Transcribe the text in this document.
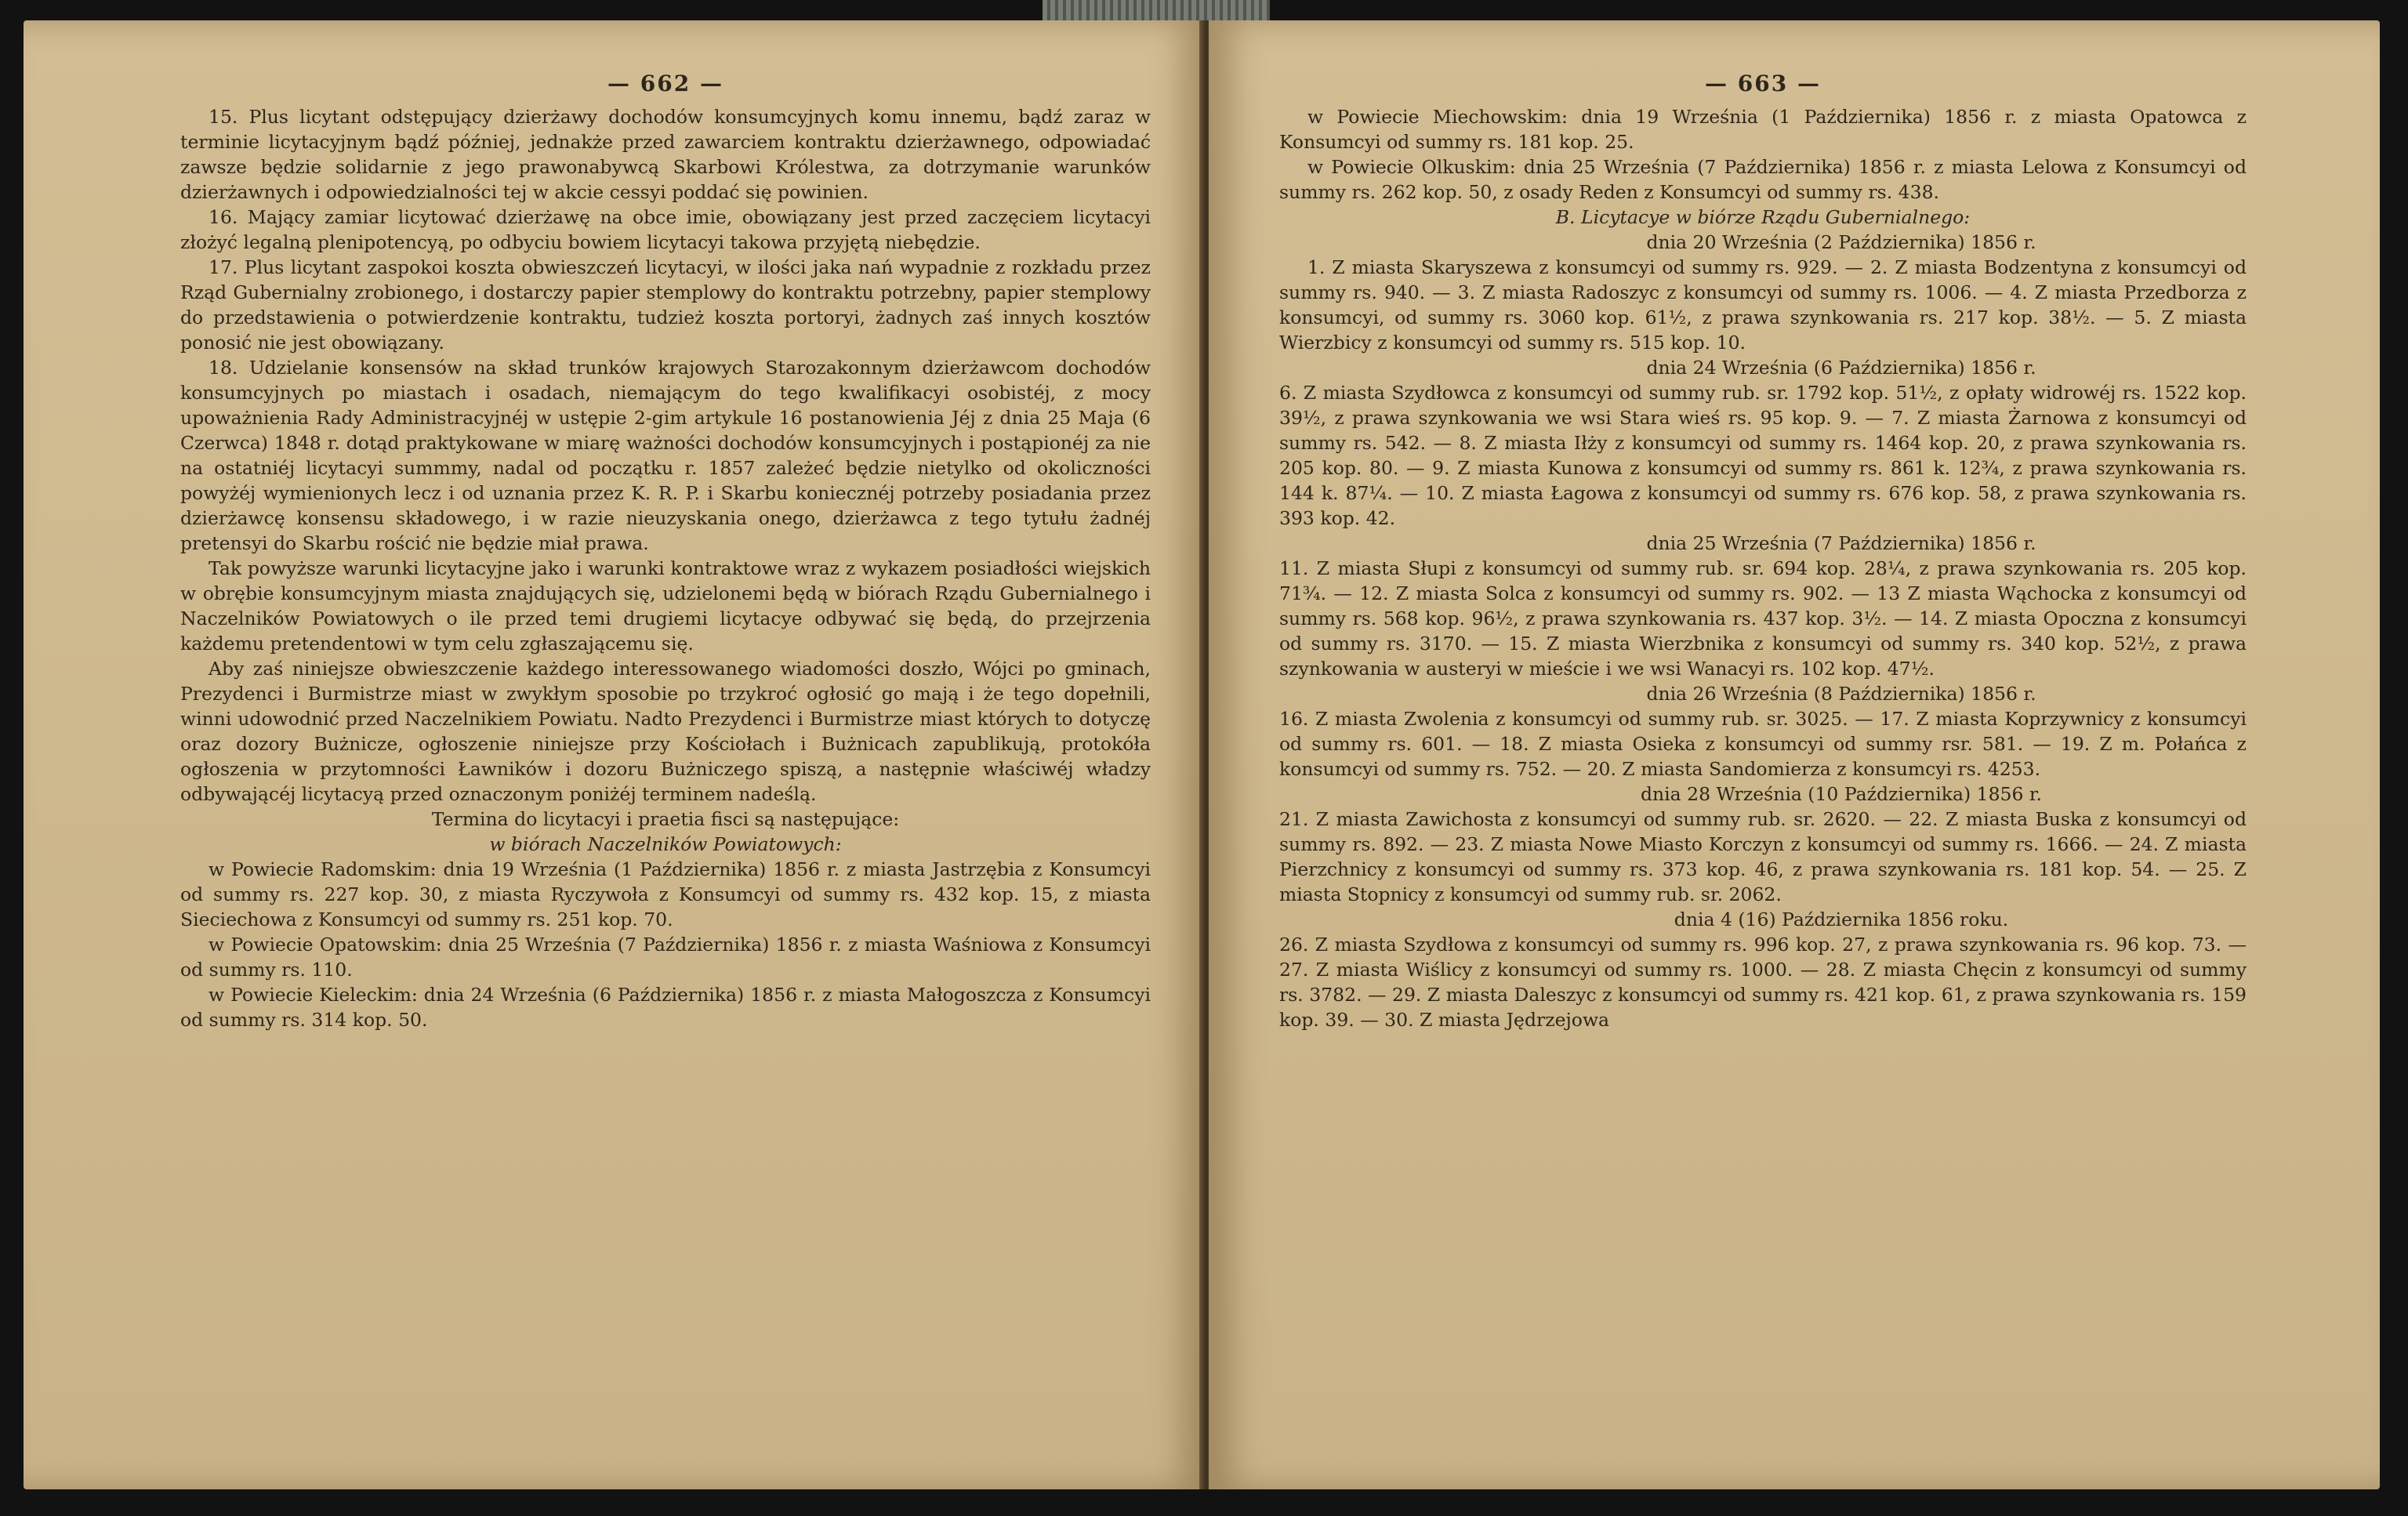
— 662 —

15. Plus licytant odstępujący dzierżawy dochodów konsumcyjnych komu innemu, bądź zaraz w terminie licytacyjnym bądź później, jednakże przed zawarciem kontraktu dzierżawnego, odpowiadać zawsze będzie solidarnie z jego prawonabywcą Skarbowi Królestwa, za dotrzymanie warunków dzierżawnych i odpowiedzialności tej w akcie cessyi poddać się powinien.

16. Mający zamiar licytować dzierżawę na obce imie, obowiązany jest przed zaczęciem licytacyi złożyć legalną plenipotencyą, po odbyciu bowiem licytacyi takowa przyjętą niebędzie.

17. Plus licytant zaspokoi koszta obwieszczeń licytacyi, w ilości jaka nań wypadnie z rozkładu przez Rząd Gubernialny zrobionego, i dostarczy papier stemplowy do kontraktu potrzebny, papier stemplowy do przedstawienia o potwierdzenie kontraktu, tudzież koszta portoryi, żadnych zaś innych kosztów ponosić nie jest obowiązany.

18. Udzielanie konsensów na skład trunków krajowych Starozakonnym dzierżawcom dochodów konsumcyjnych po miastach i osadach, niemającym do tego kwalifikacyi osobistéj, z mocy upoważnienia Rady Administracyjnéj w ustępie 2-gim artykule 16 postanowienia Jéj z dnia 25 Maja (6 Czerwca) 1848 r. dotąd praktykowane w miarę ważności dochodów konsumcyjnych i postąpionéj za nie na ostatniéj licytacyi summmy, nadal od początku r. 1857 zależeć będzie nietylko od okoliczności powyżéj wymienionych lecz i od uznania przez K. R. P. i Skarbu koniecznéj potrzeby posiadania przez dzierżawcę konsensu składowego, i w razie nieuzyskania onego, dzierżawca z tego tytułu żadnéj pretensyi do Skarbu rościć nie będzie miał prawa.

Tak powyższe warunki licytacyjne jako i warunki kontraktowe wraz z wykazem posiadłości wiejskich w obrębie konsumcyjnym miasta znajdujących się, udzielonemi będą w biórach Rządu Gubernialnego i Naczelników Powiatowych o ile przed temi drugiemi licytacye odbywać się będą, do przejrzenia każdemu pretendentowi w tym celu zgłaszającemu się.

Aby zaś niniejsze obwieszczenie każdego interessowanego wiadomości doszło, Wójci po gminach, Prezydenci i Burmistrze miast w zwykłym sposobie po trzykroć ogłosić go mają i że tego dopełnili, winni udowodnić przed Naczelnikiem Powiatu. Nadto Prezydenci i Burmistrze miast których to dotyczę oraz dozory Bużnicze, ogłoszenie niniejsze przy Kościołach i Bużnicach zapublikują, protokóła ogłoszenia w przytomności Ławników i dozoru Bużniczego spiszą, a następnie właściwéj władzy odbywającéj licytacyą przed oznaczonym poniżéj terminem nadeślą.

Termina do licytacyi i prаetia fisci są następujące:

w biórach Naczelników Powiatowych:

w Powiecie Radomskim: dnia 19 Września (1 Października) 1856 r. z miasta Jastrzębia z Konsumcyi od summy rs. 227 kop. 30, z miasta Ryczywoła z Konsumcyi od summy rs. 432 kop. 15, z miasta Sieciechowa z Konsumcyi od summy rs. 251 kop. 70.

w Powiecie Opatowskim: dnia 25 Września (7 Października) 1856 r. z miasta Waśniowa z Konsumcyi od summy rs. 110.

w Powiecie Kieleckim: dnia 24 Września (6 Października) 1856 r. z miasta Małogoszcza z Konsumcyi od summy rs. 314 kop. 50.

— 663 —

w Powiecie Miechowskim: dnia 19 Września (1 Października) 1856 r. z miasta Opatowca z Konsumcyi od summy rs. 181 kop. 25.

w Powiecie Olkuskim: dnia 25 Września (7 Października) 1856 r. z miasta Lelowa z Konsumcyi od summy rs. 262 kop. 50, z osady Reden z Konsumcyi od summy rs. 438.

B. Licytacye w biórze Rządu Gubernialnego:

dnia 20 Września (2 Października) 1856 r.

1. Z miasta Skaryszewa z konsumcyi od summy rs. 929. — 2. Z miasta Bodzentyna z konsumcyi od summy rs. 940. — 3. Z miasta Radoszyc z konsumcyi od summy rs. 1006. — 4. Z miasta Przedborza z konsumcyi, od summy rs. 3060 kop. 61½, z prawa szynkowania rs. 217 kop. 38½. — 5. Z miasta Wierzbicy z konsumcyi od summy rs. 515 kop. 10.

dnia 24 Września (6 Października) 1856 r.

6. Z miasta Szydłowca z konsumcyi od summy rub. sr. 1792 kop. 51½, z opłaty widrowéj rs. 1522 kop. 39½, z prawa szynkowania we wsi Stara wieś rs. 95 kop. 9. — 7. Z miasta Żarnowa z konsumcyi od summy rs. 542. — 8. Z miasta Iłży z konsumcyi od summy rs. 1464 kop. 20, z prawa szynkowania rs. 205 kop. 80. — 9. Z miasta Kunowa z konsumcyi od summy rs. 861 k. 12¾, z prawa szynkowania rs. 144 k. 87¼. — 10. Z miasta Łagowa z konsumcyi od summy rs. 676 kop. 58, z prawa szynkowania rs. 393 kop. 42.

dnia 25 Września (7 Października) 1856 r.

11. Z miasta Słupi z konsumcyi od summy rub. sr. 694 kop. 28¼, z prawa szynkowania rs. 205 kop. 71¾. — 12. Z miasta Solca z konsumcyi od summy rs. 902. — 13 Z miasta Wąchocka z konsumcyi od summy rs. 568 kop. 96½, z prawa szynkowania rs. 437 kop. 3½. — 14. Z miasta Opoczna z konsumcyi od summy rs. 3170. — 15. Z miasta Wierzbnika z konsumcyi od summy rs. 340 kop. 52½, z prawa szynkowania w austeryi w mieście i we wsi Wanacyi rs. 102 kop. 47½.

dnia 26 Września (8 Października) 1856 r.

16. Z miasta Zwolenia z konsumcyi od summy rub. sr. 3025. — 17. Z miasta Koprzywnicy z konsumcyi od summy rs. 601. — 18. Z miasta Osieka z konsumcyi od summy rsr. 581. — 19. Z m. Połańca z konsumcyi od summy rs. 752. — 20. Z miasta Sandomierza z konsumcyi rs. 4253.

dnia 28 Września (10 Października) 1856 r.

21. Z miasta Zawichosta z konsumcyi od summy rub. sr. 2620. — 22. Z miasta Buska z konsumcyi od summy rs. 892. — 23. Z miasta Nowe Miasto Korczyn z konsumcyi od summy rs. 1666. — 24. Z miasta Pierzchnicy z konsumcyi od summy rs. 373 kop. 46, z prawa szynkowania rs. 181 kop. 54. — 25. Z miasta Stopnicy z konsumcyi od summy rub. sr. 2062.

dnia 4 (16) Października 1856 roku.

26. Z miasta Szydłowa z konsumcyi od summy rs. 996 kop. 27, z prawa szynkowania rs. 96 kop. 73. — 27. Z miasta Wiślicy z konsumcyi od summy rs. 1000. — 28. Z miasta Chęcin z konsumcyi od summy rs. 3782. — 29. Z miasta Daleszyc z konsumcyi od summy rs. 421 kop. 61, z prawa szynkowania rs. 159 kop. 39. — 30. Z miasta Jędrzejowa
